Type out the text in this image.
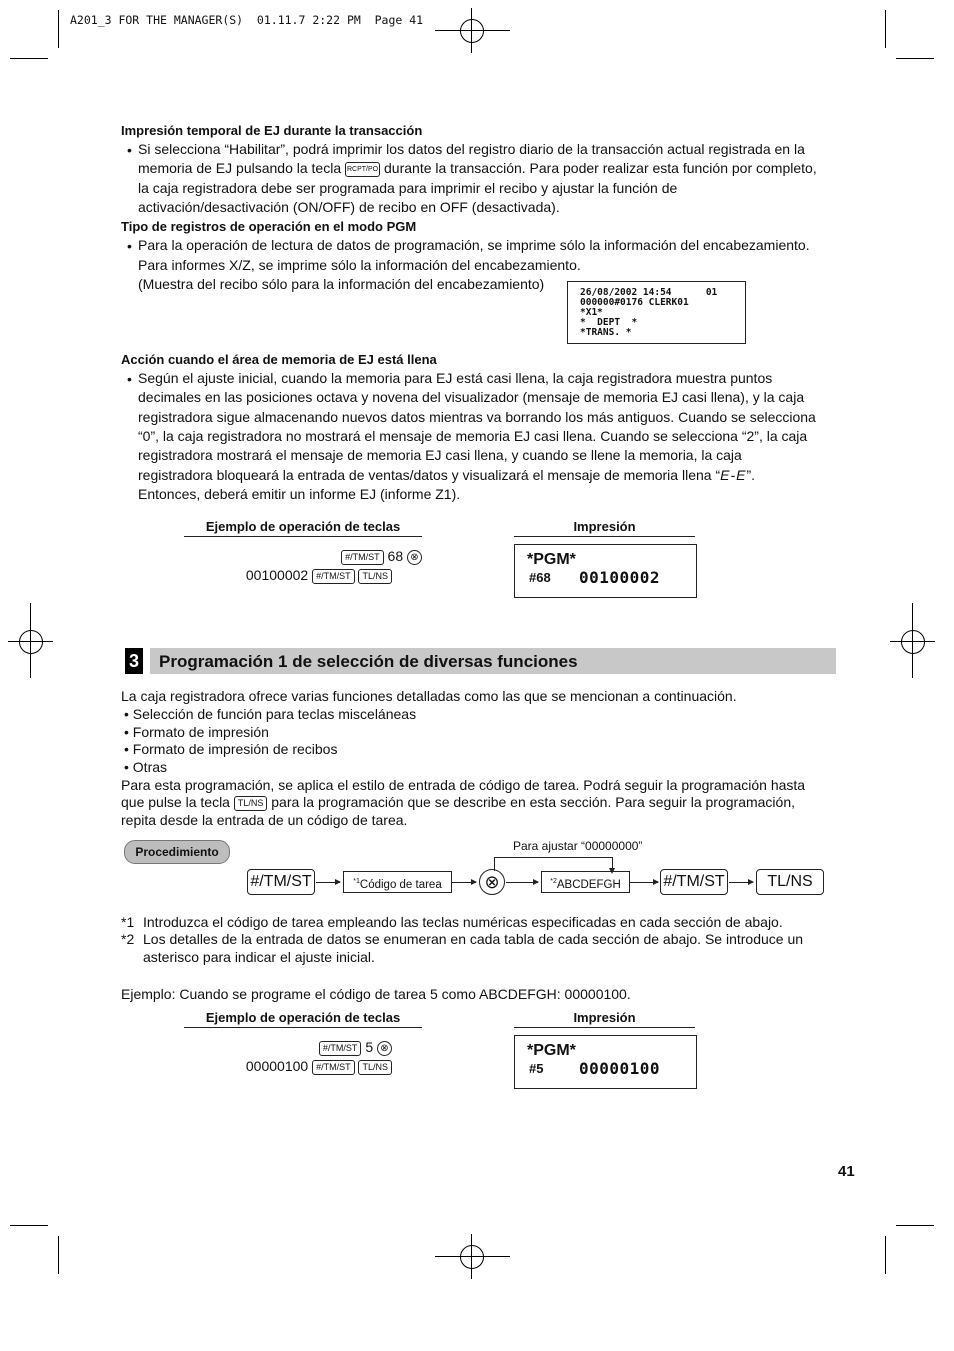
A201_3 FOR THE MANAGER(S)  01.11.7 2:22 PM  Page 41
Impresión temporal de EJ durante la transacción
• Si selecciona “Habilitar”, podrá imprimir los datos del registro diario de la transacción actual registrada en la
memoria de EJ pulsando la tecla RCPT/PO durante la transacción. Para poder realizar esta función por completo,
la caja registradora debe ser programada para imprimir el recibo y ajustar la función de
activación/desactivación (ON/OFF) de recibo en OFF (desactivada).
Tipo de registros de operación en el modo PGM
• Para la operación de lectura de datos de programación, se imprime sólo la información del encabezamiento.
Para informes X/Z, se imprime sólo la información del encabezamiento.
(Muestra del recibo sólo para la información del encabezamiento)
26/08/2002 14:54      01
000000#0176 CLERK01
*X1*
*  DEPT  *
*TRANS. *
Acción cuando el área de memoria de EJ está llena
• Según el ajuste inicial, cuando la memoria para EJ está casi llena, la caja registradora muestra puntos
decimales en las posiciones octava y novena del visualizador (mensaje de memoria EJ casi llena), y la caja
registradora sigue almacenando nuevos datos mientras va borrando los más antiguos. Cuando se selecciona
“0”, la caja registradora no mostrará el mensaje de memoria EJ casi llena. Cuando se selecciona “2”, la caja
registradora mostrará el mensaje de memoria EJ casi llena, y cuando se llene la memoria, la caja
registradora bloqueará la entrada de ventas/datos y visualizará el mensaje de memoria llena “E-E”.
Entonces, deberá emitir un informe EJ (informe Z1).
Ejemplo de operación de teclas	Impresión
#/TM/ST 68 ⊗
00100002 #/TM/ST TL/NS
*PGM*
#68 00100002
3 Programación 1 de selección de diversas funciones
La caja registradora ofrece varias funciones detalladas como las que se mencionan a continuación.
• Selección de función para teclas misceláneas
• Formato de impresión
• Formato de impresión de recibos
• Otras
Para esta programación, se aplica el estilo de entrada de código de tarea. Podrá seguir la programación hasta
que pulse la tecla TL/NS para la programación que se describe en esta sección. Para seguir la programación,
repita desde la entrada de un código de tarea.
Procedimiento	Para ajustar “00000000”
#/TM/ST	$^{*1}$Código de tarea	⊗	$^{*2}$ABCDEFGH	#/TM/ST	TL/NS
*1 Introduzca el código de tarea empleando las teclas numéricas especificadas en cada sección de abajo.
*2 Los detalles de la entrada de datos se enumeran en cada tabla de cada sección de abajo. Se introduce un
asterisco para indicar el ajuste inicial.
Ejemplo: Cuando se programe el código de tarea 5 como ABCDEFGH: 00000100.
Ejemplo de operación de teclas	Impresión
#/TM/ST 5 ⊗
00000100 #/TM/ST TL/NS
*PGM*
#5 00000100
41
